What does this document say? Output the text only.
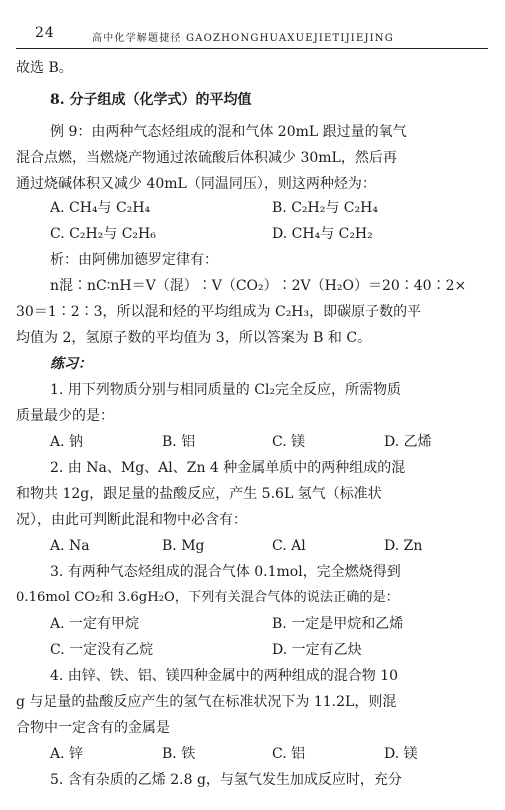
24	高中化学解题捷径 GAOZHONGHUAXUEJIETIJIEJING
故选 B。
8. 分子组成（化学式）的平均值
例 9：由两种气态烃组成的混和气体 20mL 跟过量的氧气
混合点燃，当燃烧产物通过浓硫酸后体积减少 30mL，然后再
通过烧碱体积又减少 40mL（同温同压），则这两种烃为：
A. CH₄与 C₂H₄	B. C₂H₂与 C₂H₄
C. C₂H₂与 C₂H₆	D. CH₄与 C₂H₂
析：由阿佛加德罗定律有：
n混∶nC∶nH＝V（混）∶V（CO₂）∶2V（H₂O）＝20∶40∶2×
30＝1∶2∶3，所以混和烃的平均组成为 C₂H₃，即碳原子数的平
均值为 2，氢原子数的平均值为 3，所以答案为 B 和 C。
练习：
1. 用下列物质分别与相同质量的 Cl₂完全反应，所需物质
质量最少的是：
A. 钠	B. 铝	C. 镁	D. 乙烯
2. 由 Na、Mg、Al、Zn 4 种金属单质中的两种组成的混
和物共 12g，跟足量的盐酸反应，产生 5.6L 氢气（标准状
况），由此可判断此混和物中必含有：
A. Na	B. Mg	C. Al	D. Zn
3. 有两种气态烃组成的混合气体 0.1mol，完全燃烧得到
0.16mol CO₂和 3.6gH₂O，下列有关混合气体的说法正确的是：
A. 一定有甲烷	B. 一定是甲烷和乙烯
C. 一定没有乙烷	D. 一定有乙炔
4. 由锌、铁、铝、镁四种金属中的两种组成的混合物 10
g 与足量的盐酸反应产生的氢气在标准状况下为 11.2L，则混
合物中一定含有的金属是
A. 锌	B. 铁	C. 铝	D. 镁
5. 含有杂质的乙烯 2.8 g，与氢气发生加成反应时，充分
